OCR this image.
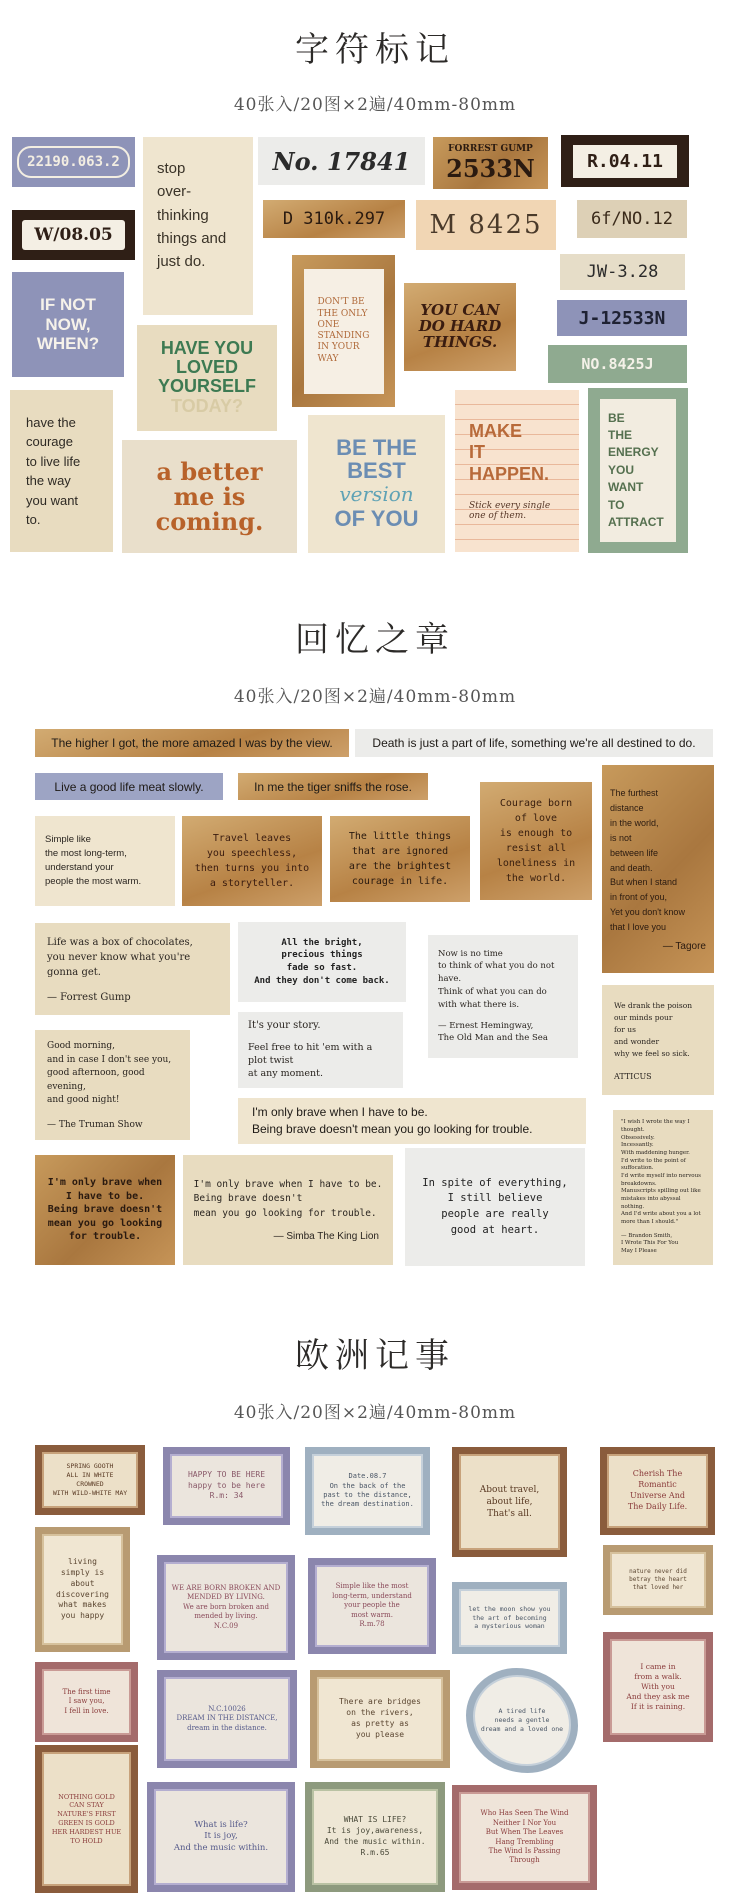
字符标记
40张入/20图×2遍/40mm-80mm
22190.063.2	stop
over-
thinking
things and
just do.
No. 17841	FORREST GUMP
2533N	R.04.11
W/08.05
D 310k.297 M 8425	6f/NO.12
IF NOT
NOW,
WHEN?
DON'T BE
THE ONLY
ONE
STANDING
IN YOUR
WAY
YOU CAN
DO HARD
THINGS.
JW-3.28
J-12533N
HAVE YOU
LOVED
YOURSELF
TODAY?
NO.8425J
have the
courage
to live life
the way
you want
to.
a better
me is
coming.
BE THE
BEST
version
OF YOU
MAKE
IT
HAPPEN.
Stick every single
one of them.
BE
THE
ENERGY
YOU
WANT
TO
ATTRACT
回忆之章
40张入/20图×2遍/40mm-80mm
The higher I got, the more amazed I was by the view.	Death is just a part of life, something we're all destined to do.
Live a good life meat slowly.	In me the tiger sniffs the rose.
Courage born
of love
is enough to
resist all
loneliness in
the world.
The furthest
distance
in the world,
is not
between life
and death.
But when I stand
in front of you,
Yet you don't know
that I love you
— Tagore
Simple like
the most long-term,
understand your
people the most warm.
Travel leaves
you speechless,
then turns you into
a storyteller.
The little things
that are ignored
are the brightest
courage in life.
Life was a box of chocolates,
you never know what you're gonna get.
— Forrest Gump
All the bright,
precious things
fade so fast.
And they don't come back.
Now is no time
to think of what you do not have.
Think of what you can do
with what there is.
— Ernest Hemingway,
The Old Man and the Sea
We drank the poison
our minds pour
for us
and wonder
why we feel so sick.
ATTICUS
Good morning,
and in case I don't see you,
good afternoon, good evening,
and good night!
— The Truman Show
It's your story.
Feel free to hit 'em with a plot twist
at any moment.
I'm only brave when I have to be.
Being brave doesn't mean you go looking for trouble.	"I wish I wrote the way I thought.
Obsessively.
Incessantly.
With maddening hunger.
I'd write to the point of suffocation.
I'd write myself into nervous breakdowns.
Manuscripts spilling out like mistakes into abyssal nothing.
And I'd write about you a lot more than I should."
— Brandon Smith,
I Wrote This For You
May I Please
I'm only brave when
I have to be.
Being brave doesn't
mean you go looking
for trouble.
I'm only brave when I have to be.
Being brave doesn't
mean you go looking for trouble.
— Simba The King Lion
In spite of everything,
I still believe
people are really
good at heart.
欧洲记事
40张入/20图×2遍/40mm-80mm
SPRING GOOTH
ALL IN WHITE
CROWNED
WITH WILD-WHITE MAY
HAPPY TO BE HERE
happy to be here
R.m: 34
Date.08.7
On the back of the
past to the distance,
the dream destination.
About travel,
about life,
That's all.
Cherish The
Romantic
Universe And
The Daily Life.
living
simply is
about
discovering
what makes
you happy
WE ARE BORN BROKEN AND
MENDED BY LIVING.
We are born broken and
mended by living.
N.C.09
Simple like the most
long-term, understand
your people the
most warm.
R.m.78
let the moon show you
the art of becoming
a mysterious woman
nature never did
betray the heart
that loved her
The first time
I saw you,
I fell in love.	N.C.10026
DREAM IN THE DISTANCE,
dream in the distance.
There are bridges
on the rivers,
as pretty as
you please
A tired life
needs a gentle
dream and a loved one
I came in
from a walk.
With you
And they ask me
If it is raining.
NOTHING GOLD
CAN STAY
NATURE'S FIRST
GREEN IS GOLD
HER HARDEST HUE
TO HOLD
What is life?
It is joy,
And the music within.
WHAT IS LIFE?
It is joy,awareness,
And the music within.
R.m.65
Who Has Seen The Wind
Neither I Nor You
But When The Leaves
Hang Trembling
The Wind Is Passing
Through
